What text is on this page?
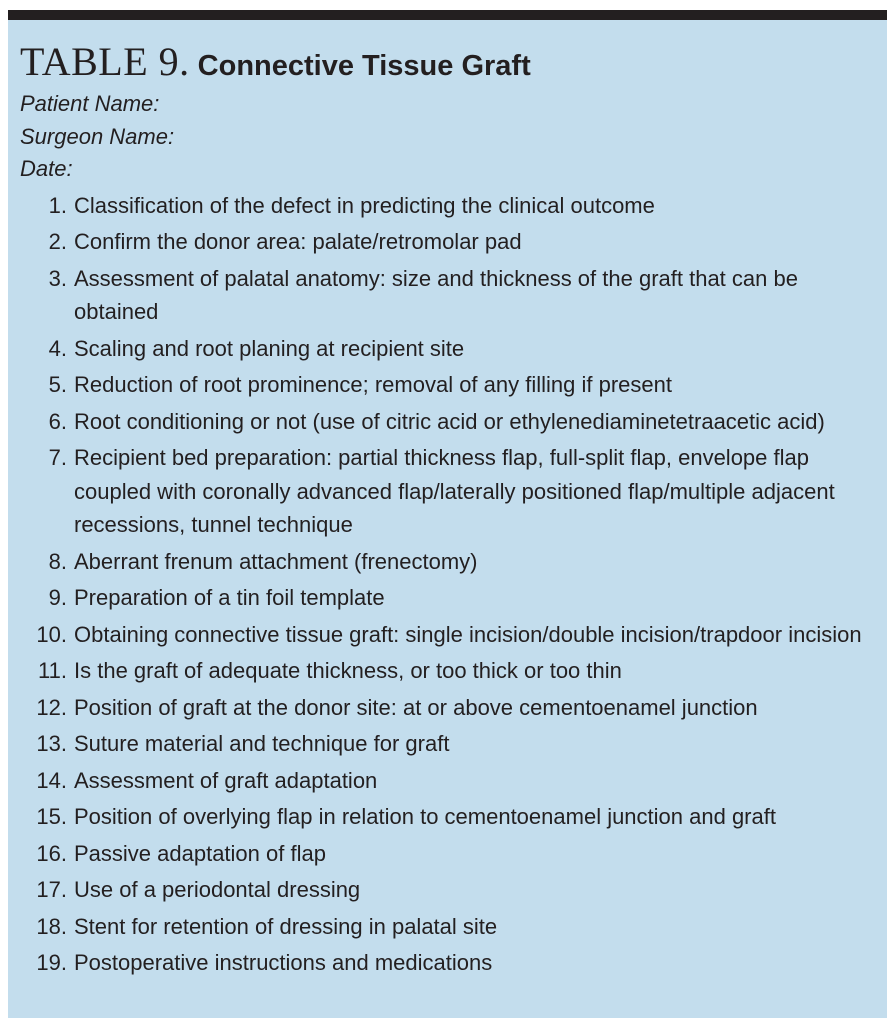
TABLE 9. Connective Tissue Graft
Patient Name:
Surgeon Name:
Date:
1. Classification of the defect in predicting the clinical outcome
2. Confirm the donor area: palate/retromolar pad
3. Assessment of palatal anatomy: size and thickness of the graft that can be obtained
4. Scaling and root planing at recipient site
5. Reduction of root prominence; removal of any filling if present
6. Root conditioning or not (use of citric acid or ethylenediaminetetraacetic acid)
7. Recipient bed preparation: partial thickness flap, full-split flap, envelope flap coupled with coronally advanced flap/laterally positioned flap/multiple adjacent recessions, tunnel technique
8. Aberrant frenum attachment (frenectomy)
9. Preparation of a tin foil template
10. Obtaining connective tissue graft: single incision/double incision/trapdoor incision
11. Is the graft of adequate thickness, or too thick or too thin
12. Position of graft at the donor site: at or above cementoenamel junction
13. Suture material and technique for graft
14. Assessment of graft adaptation
15. Position of overlying flap in relation to cementoenamel junction and graft
16. Passive adaptation of flap
17. Use of a periodontal dressing
18. Stent for retention of dressing in palatal site
19. Postoperative instructions and medications
